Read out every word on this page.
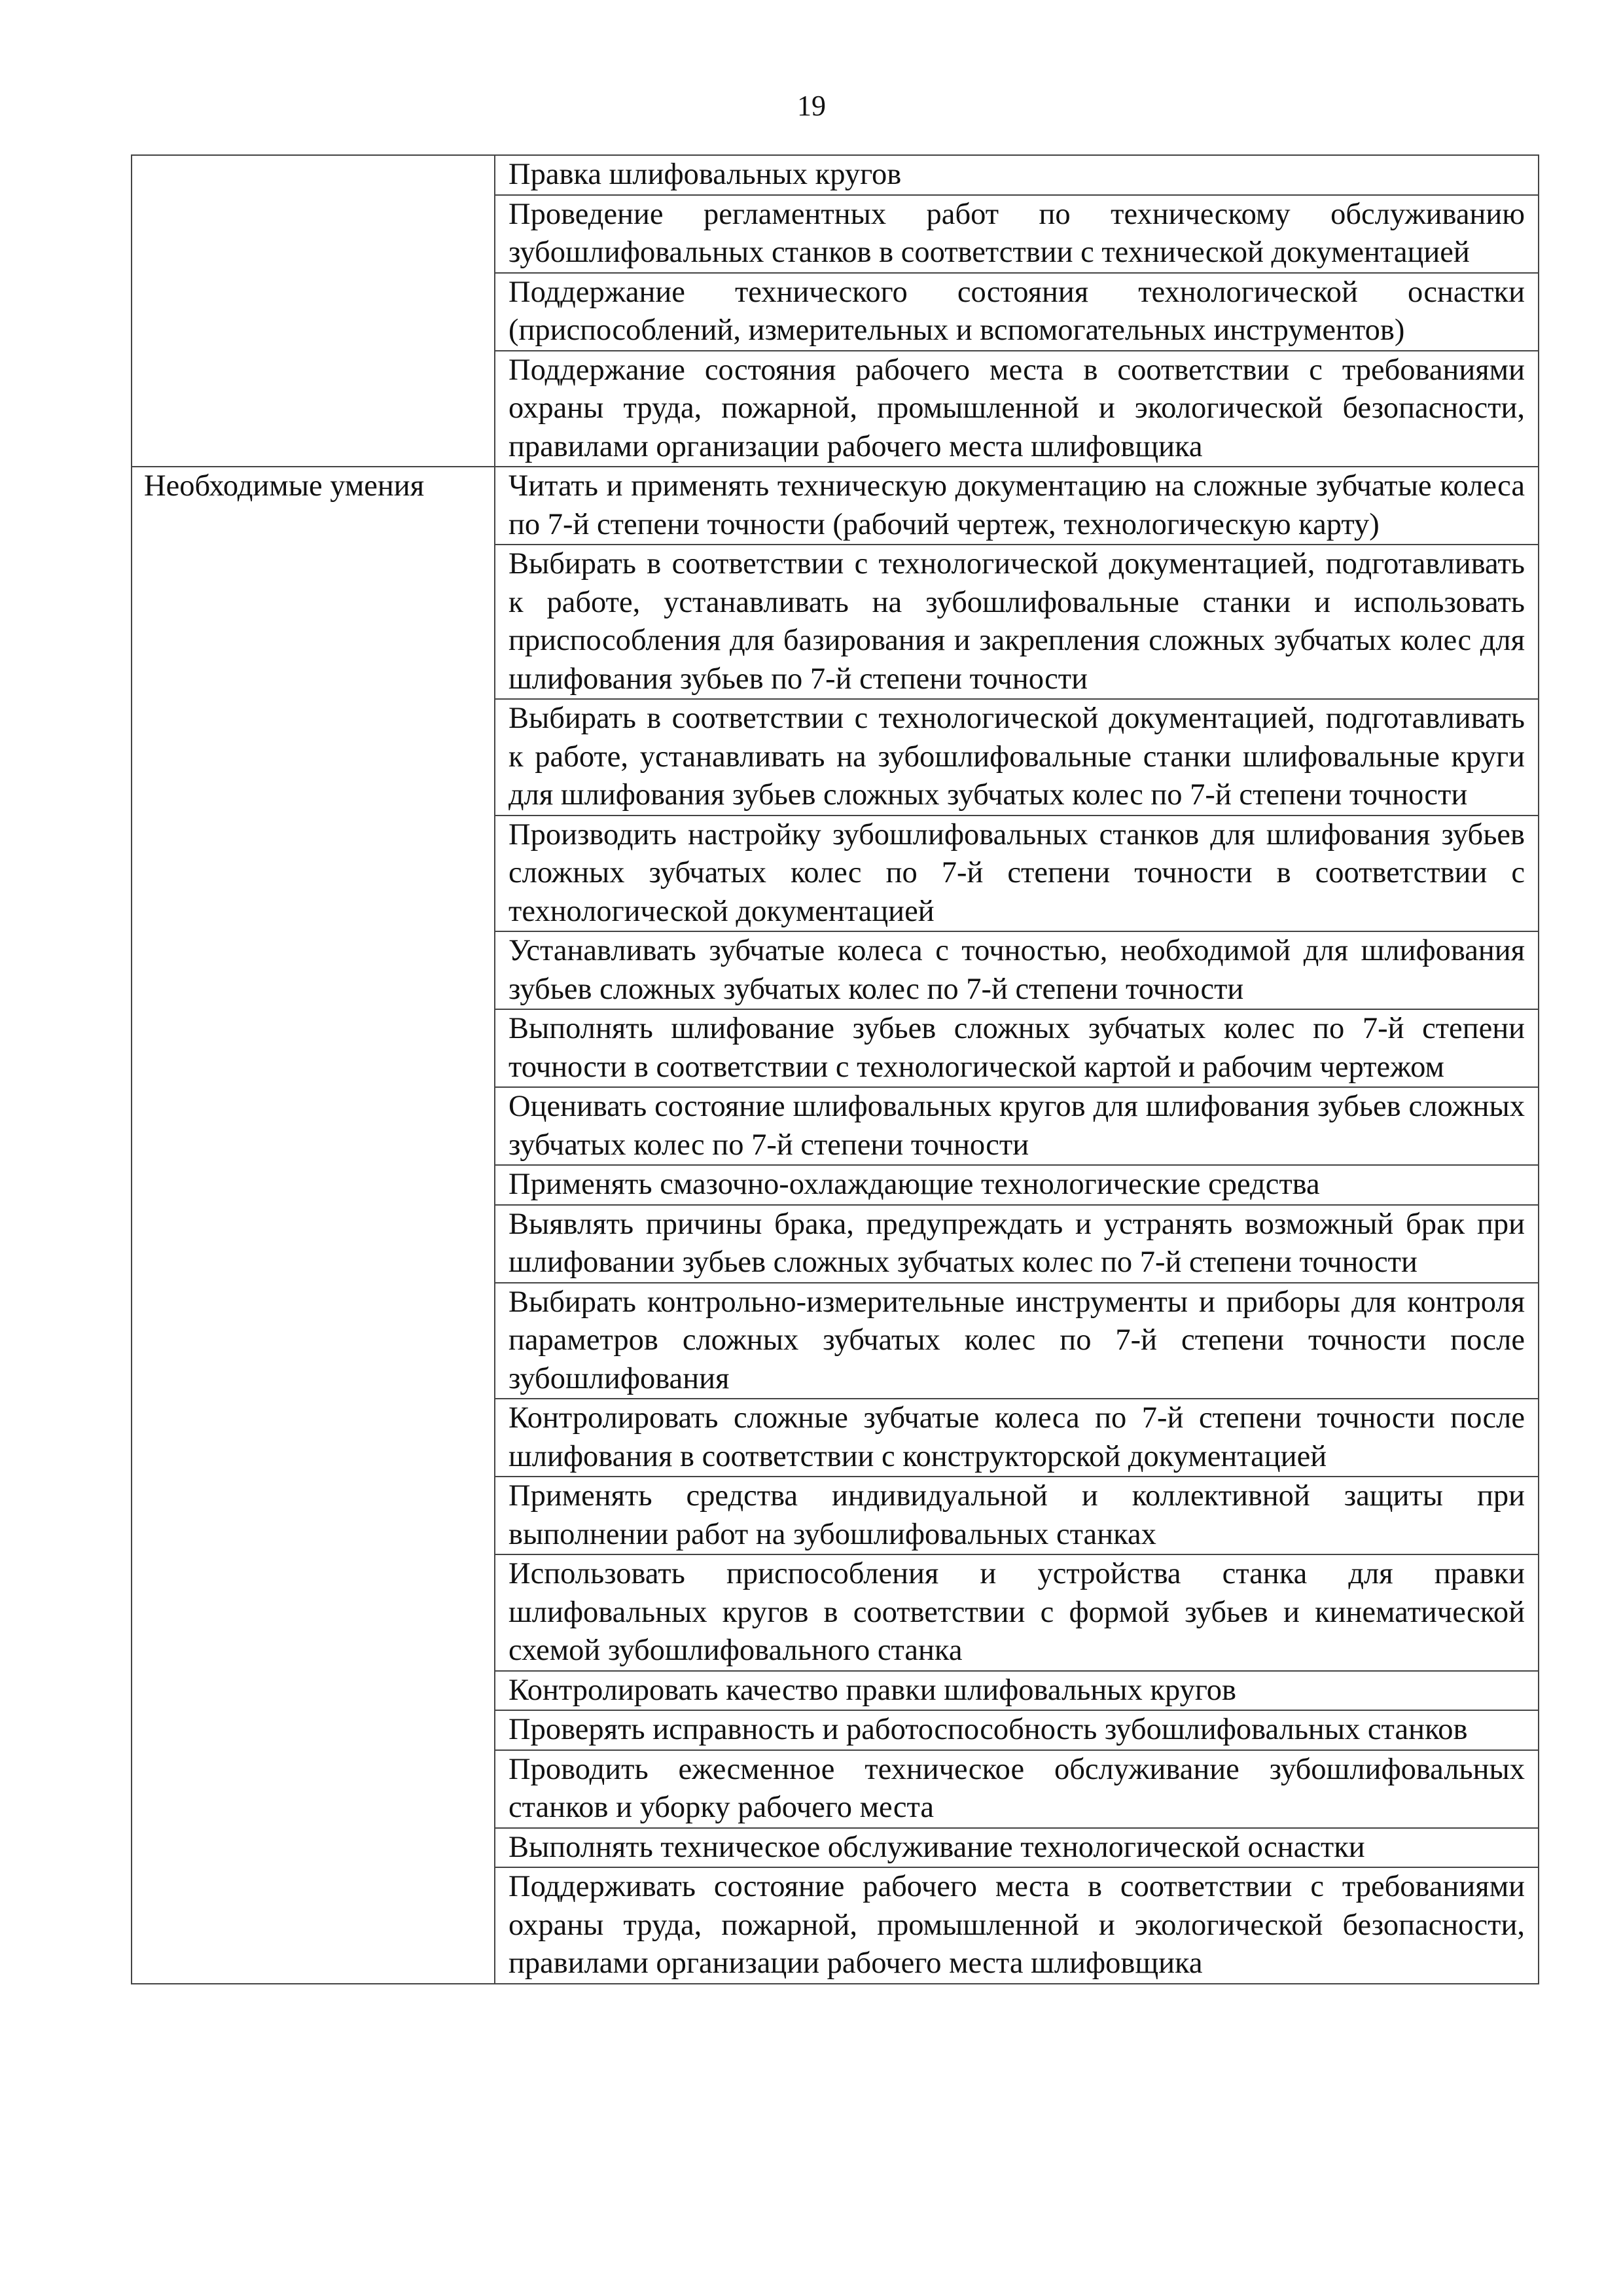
19
	Правка шлифовальных кругов
	Проведение регламентных работ по техническому обслуживанию зубошлифовальных станков в соответствии с технической документацией
	Поддержание технического состояния технологической оснастки (приспособлений, измерительных и вспомогательных инструментов)
	Поддержание состояния рабочего места в соответствии с требованиями охраны труда, пожарной, промышленной и экологической безопасности, правилами организации рабочего места шлифовщика
Необходимые умения	Читать и применять техническую документацию на сложные зубчатые колеса по 7-й степени точности (рабочий чертеж, технологическую карту)
	Выбирать в соответствии с технологической документацией, подготавливать к работе, устанавливать на зубошлифовальные станки и использовать приспособления для базирования и закрепления сложных зубчатых колес для шлифования зубьев по 7-й степени точности
	Выбирать в соответствии с технологической документацией, подготавливать к работе, устанавливать на зубошлифовальные станки шлифовальные круги для шлифования зубьев сложных зубчатых колес по 7-й степени точности
	Производить настройку зубошлифовальных станков для шлифования зубьев сложных зубчатых колес по 7-й степени точности в соответствии с технологической документацией
	Устанавливать зубчатые колеса с точностью, необходимой для шлифования зубьев сложных зубчатых колес по 7-й степени точности
	Выполнять шлифование зубьев сложных зубчатых колес по 7-й степени точности в соответствии с технологической картой и рабочим чертежом
	Оценивать состояние шлифовальных кругов для шлифования зубьев сложных зубчатых колес по 7-й степени точности
	Применять смазочно-охлаждающие технологические средства
	Выявлять причины брака, предупреждать и устранять возможный брак при шлифовании зубьев сложных зубчатых колес по 7-й степени точности
	Выбирать контрольно-измерительные инструменты и приборы для контроля параметров сложных зубчатых колес по 7-й степени точности после зубошлифования
	Контролировать сложные зубчатые колеса по 7-й степени точности после шлифования в соответствии с конструкторской документацией
	Применять средства индивидуальной и коллективной защиты при выполнении работ на зубошлифовальных станках
	Использовать приспособления и устройства станка для правки шлифовальных кругов в соответствии с формой зубьев и кинематической схемой зубошлифовального станка
	Контролировать качество правки шлифовальных кругов
	Проверять исправность и работоспособность зубошлифовальных станков
	Проводить ежесменное техническое обслуживание зубошлифовальных станков и уборку рабочего места
	Выполнять техническое обслуживание технологической оснастки
	Поддерживать состояние рабочего места в соответствии с требованиями охраны труда, пожарной, промышленной и экологической безопасности, правилами организации рабочего места шлифовщика
